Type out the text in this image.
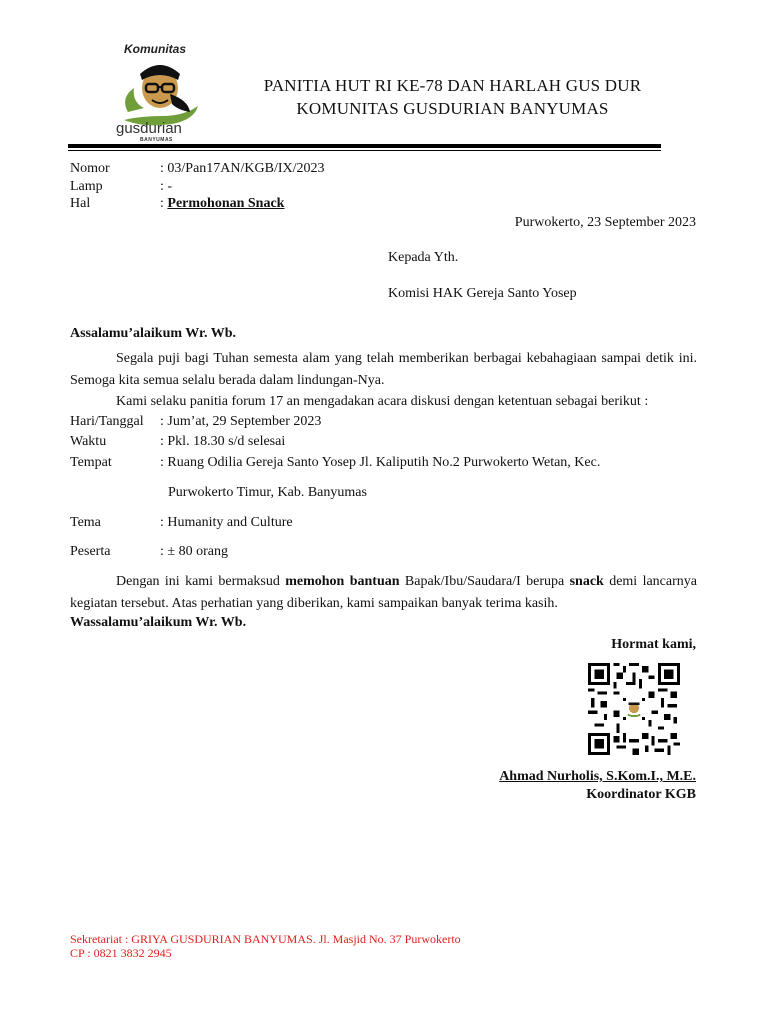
Komunitas
gusdurian
BANYUMAS
PANITIA HUT RI KE-78 DAN HARLAH GUS DUR
KOMUNITAS GUSDURIAN BANYUMAS
Nomor	: 03/Pan17AN/KGB/IX/2023
Lamp	: -
Hal	: Permohonan Snack
Purwokerto, 23 September 2023
Kepada Yth.
Komisi HAK Gereja Santo Yosep
Assalamu’alaikum Wr. Wb.
Segala puji bagi Tuhan semesta alam yang telah memberikan berbagai kebahagiaan sampai detik ini. Semoga kita semua selalu berada dalam lindungan-Nya.
Kami selaku panitia forum 17 an mengadakan acara diskusi dengan ketentuan sebagai berikut :
Hari/Tanggal : Jum’at, 29 September 2023
Waktu	: Pkl. 18.30 s/d selesai
Tempat	: Ruang Odilia Gereja Santo Yosep Jl. Kaliputih No.2 Purwokerto Wetan, Kec.
Purwokerto Timur, Kab. Banyumas
Tema	: Humanity and Culture
Peserta	: ± 80 orang
Dengan ini kami bermaksud memohon bantuan Bapak/Ibu/Saudara/I berupa snack demi lancarnya kegiatan tersebut. Atas perhatian yang diberikan, kami sampaikan banyak terima kasih.
Wassalamu’alaikum Wr. Wb.
Hormat kami,
Ahmad Nurholis, S.Kom.I., M.E.
Koordinator KGB
Sekretariat : GRIYA GUSDURIAN BANYUMAS. Jl. Masjid No. 37 Purwokerto
CP : 0821 3832 2945
